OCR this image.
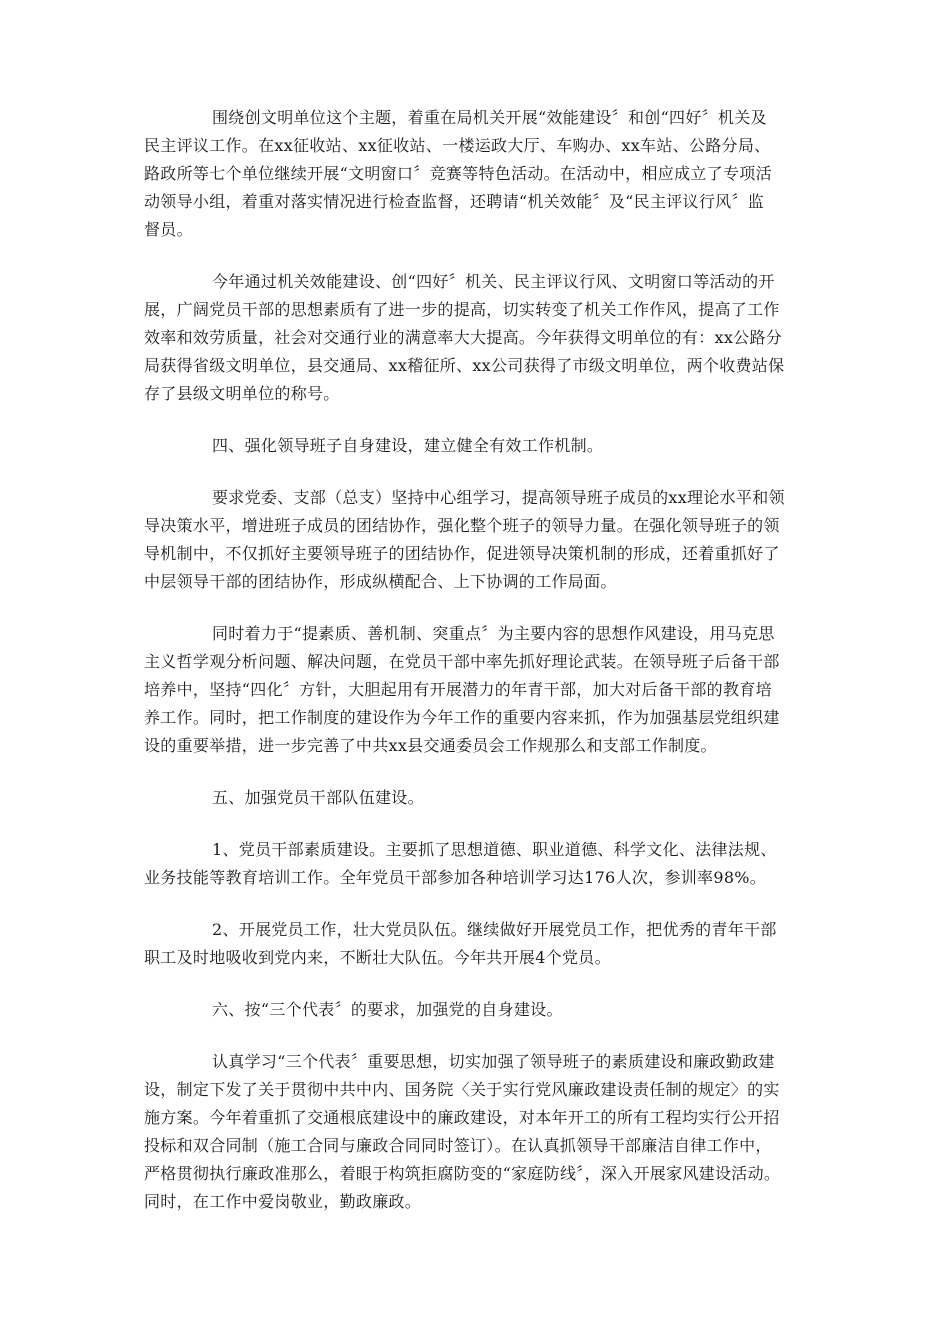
围绕创文明单位这个主题，着重在局机关开展“效能建设〞和创“四好〞机关及
民主评议工作。在xx征收站、xx征收站、一楼运政大厅、车购办、xx车站、公路分局、
路政所等七个单位继续开展“文明窗口〞竞赛等特色活动。在活动中，相应成立了专项活
动领导小组，着重对落实情况进行检查监督，还聘请“机关效能〞及“民主评议行风〞监
督员。

今年通过机关效能建设、创“四好〞机关、民主评议行风、文明窗口等活动的开
展，广阔党员干部的思想素质有了进一步的提高，切实转变了机关工作作风，提高了工作
效率和效劳质量，社会对交通行业的满意率大大提高。今年获得文明单位的有：xx公路分
局获得省级文明单位，县交通局、xx稽征所、xx公司获得了市级文明单位，两个收费站保
存了县级文明单位的称号。

四、强化领导班子自身建设，建立健全有效工作机制。

要求党委、支部（总支）坚持中心组学习，提高领导班子成员的xx理论水平和领
导决策水平，增进班子成员的团结协作，强化整个班子的领导力量。在强化领导班子的领
导机制中，不仅抓好主要领导班子的团结协作，促进领导决策机制的形成，还着重抓好了
中层领导干部的团结协作，形成纵横配合、上下协调的工作局面。

同时着力于“提素质、善机制、突重点〞为主要内容的思想作风建设，用马克思
主义哲学观分析问题、解决问题，在党员干部中率先抓好理论武装。在领导班子后备干部
培养中，坚持“四化〞方针，大胆起用有开展潜力的年青干部，加大对后备干部的教育培
养工作。同时，把工作制度的建设作为今年工作的重要内容来抓，作为加强基层党组织建
设的重要举措，进一步完善了中共xx县交通委员会工作规那么和支部工作制度。

五、加强党员干部队伍建设。

1、党员干部素质建设。主要抓了思想道德、职业道德、科学文化、法律法规、
业务技能等教育培训工作。全年党员干部参加各种培训学习达176人次，参训率98%。

2、开展党员工作，壮大党员队伍。继续做好开展党员工作，把优秀的青年干部
职工及时地吸收到党内来，不断壮大队伍。今年共开展4个党员。

六、按“三个代表〞的要求，加强党的自身建设。

认真学习“三个代表〞重要思想，切实加强了领导班子的素质建设和廉政勤政建
设，制定下发了关于贯彻中共中内、国务院〈关于实行党风廉政建设责任制的规定〉的实
施方案。今年着重抓了交通根底建设中的廉政建设，对本年开工的所有工程均实行公开招
投标和双合同制（施工合同与廉政合同同时签订）。在认真抓领导干部廉洁自律工作中，
严格贯彻执行廉政准那么，着眼于构筑拒腐防变的“家庭防线〞，深入开展家风建设活动。
同时，在工作中爱岗敬业，勤政廉政。
